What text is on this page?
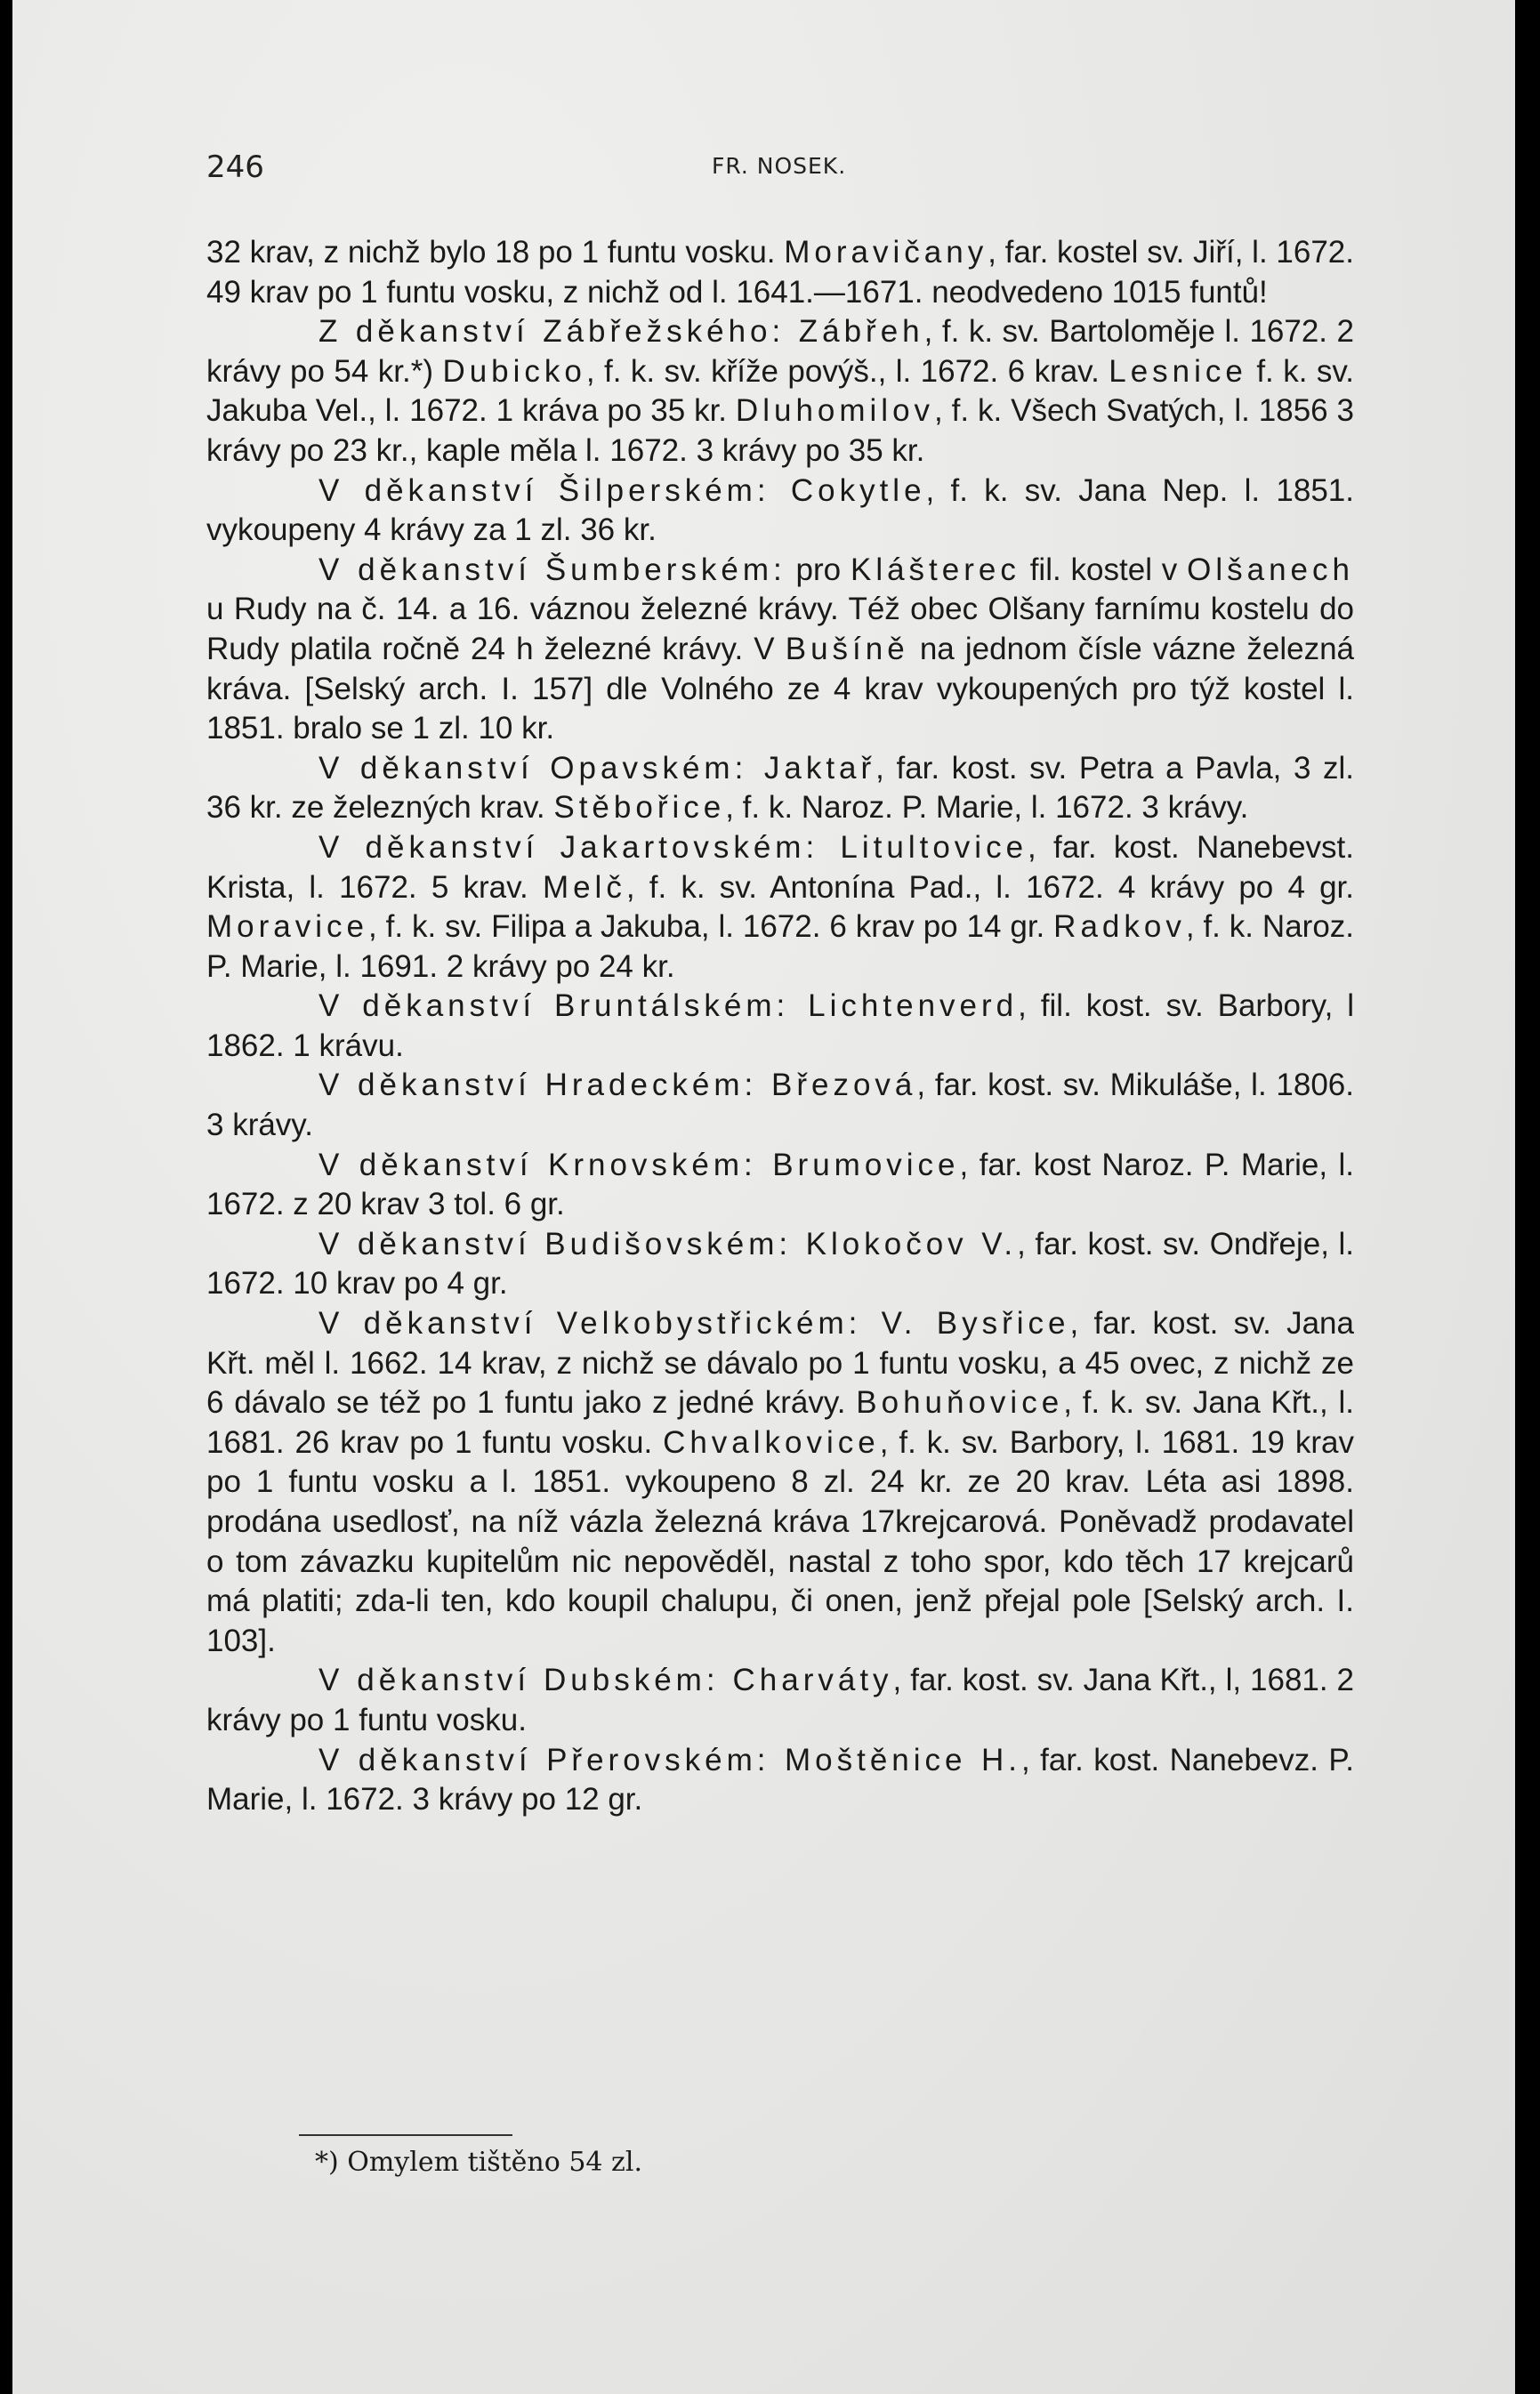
246	FR. NOSEK.

32 krav, z nichž bylo 18 po 1 funtu vosku. Moravičany, far. kostel sv. Jiří, l. 1672. 49 krav po 1 funtu vosku, z nichž od l. 1641.—1671. neodvedeno 1015 funtů!

Z děkanství Zábřežského: Zábřeh, f. k. sv. Bartoloměje l. 1672. 2 krávy po 54 kr.*) Dubicko, f. k. sv. kříže povýš., l. 1672. 6 krav. Lesnice f. k. sv. Jakuba Vel., l. 1672. 1 kráva po 35 kr. Dluhomilov, f. k. Všech Svatých, l. 1856 3 krávy po 23 kr., kaple měla l. 1672. 3 krávy po 35 kr.

V děkanství Šilperském: Cokytle, f. k. sv. Jana Nep. l. 1851. vykoupeny 4 krávy za 1 zl. 36 kr.

V děkanství Šumberském: pro Klášterec fil. kostel v Olšanech u Rudy na č. 14. a 16. váznou železné krávy. Též obec Olšany farnímu kostelu do Rudy platila ročně 24 h železné krávy. V Bušíně na jednom čísle vázne železná kráva. [Selský arch. I. 157] dle Volného ze 4 krav vykoupených pro týž kostel l. 1851. bralo se 1 zl. 10 kr.

V děkanství Opavském: Jaktař, far. kost. sv. Petra a Pavla, 3 zl. 36 kr. ze železných krav. Stěbořice, f. k. Naroz. P. Marie, l. 1672. 3 krávy.

V děkanství Jakartovském: Litultovice, far. kost. Nanebevst. Krista, l. 1672. 5 krav. Melč, f. k. sv. Antonína Pad., l. 1672. 4 krávy po 4 gr. Moravice, f. k. sv. Filipa a Jakuba, l. 1672. 6 krav po 14 gr. Radkov, f. k. Naroz. P. Marie, l. 1691. 2 krávy po 24 kr.

V děkanství Bruntálském: Lichtenverd, fil. kost. sv. Barbory, l 1862. 1 krávu.

V děkanství Hradeckém: Březová, far. kost. sv. Mikuláše, l. 1806. 3 krávy.

V děkanství Krnovském: Brumovice, far. kost Naroz. P. Marie, l. 1672. z 20 krav 3 tol. 6 gr.

V děkanství Budišovském: Klokočov V., far. kost. sv. Ondřeje, l. 1672. 10 krav po 4 gr.

V děkanství Velkobystřickém: V. Bysřice, far. kost. sv. Jana Křt. měl l. 1662. 14 krav, z nichž se dávalo po 1 funtu vosku, a 45 ovec, z nichž ze 6 dávalo se též po 1 funtu jako z jedné krávy. Bohuňovice, f. k. sv. Jana Křt., l. 1681. 26 krav po 1 funtu vosku. Chvalkovice, f. k. sv. Barbory, l. 1681. 19 krav po 1 funtu vosku a l. 1851. vykoupeno 8 zl. 24 kr. ze 20 krav. Léta asi 1898. prodána usedlosť, na níž vázla železná kráva 17krejcarová. Poněvadž prodavatel o tom závazku kupitelům nic nepověděl, nastal z toho spor, kdo těch 17 krejcarů má platiti; zda-li ten, kdo koupil chalupu, či onen, jenž přejal pole [Selský arch. I. 103].

V děkanství Dubském: Charváty, far. kost. sv. Jana Křt., l, 1681. 2 krávy po 1 funtu vosku.

V děkanství Přerovském: Moštěnice H., far. kost. Nanebevz. P. Marie, l. 1672. 3 krávy po 12 gr.

*) Omylem tištěno 54 zl.
